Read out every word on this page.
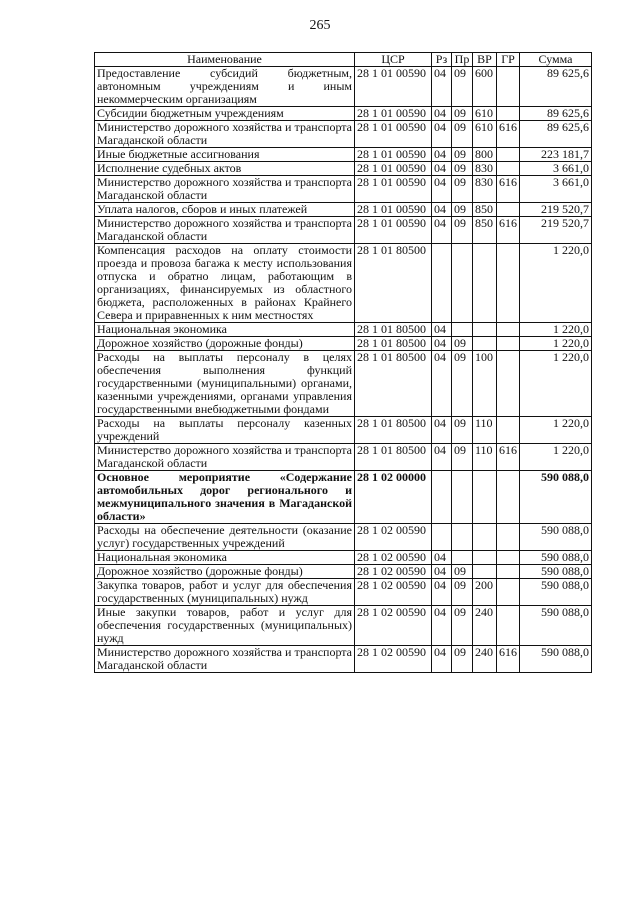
265
Наименование	ЦСР	Рз	Пр	ВР	ГР	Сумма
Предоставление субсидий бюджетным, автономным учреждениям и иным некоммерческим организациям	28 1 01 00590	04	09	600		89 625,6
Субсидии бюджетным учреждениям	28 1 01 00590	04	09	610		89 625,6
Министерство дорожного хозяйства и транспорта Магаданской области	28 1 01 00590	04	09	610	616	89 625,6
Иные бюджетные ассигнования	28 1 01 00590	04	09	800		223 181,7
Исполнение судебных актов	28 1 01 00590	04	09	830		3 661,0
Министерство дорожного хозяйства и транспорта Магаданской области	28 1 01 00590	04	09	830	616	3 661,0
Уплата налогов, сборов и иных платежей	28 1 01 00590	04	09	850		219 520,7
Министерство дорожного хозяйства и транспорта Магаданской области	28 1 01 00590	04	09	850	616	219 520,7
Компенсация расходов на оплату стоимости проезда и провоза багажа к месту использования отпуска и обратно лицам, работающим в организациях, финансируемых из областного бюджета, расположенных в районах Крайнего Севера и приравненных к ним местностях	28 1 01 80500					1 220,0
Национальная экономика	28 1 01 80500	04				1 220,0
Дорожное хозяйство (дорожные фонды)	28 1 01 80500	04	09			1 220,0
Расходы на выплаты персоналу в целях обеспечения выполнения функций государственными (муниципальными) органами, казенными учреждениями, органами управления государственными внебюджетными фондами	28 1 01 80500	04	09	100		1 220,0
Расходы на выплаты персоналу казенных учреждений	28 1 01 80500	04	09	110		1 220,0
Министерство дорожного хозяйства и транспорта Магаданской области	28 1 01 80500	04	09	110	616	1 220,0
Основное мероприятие «Содержание автомобильных дорог регионального и межмуниципального значения в Магаданской области»	28 1 02 00000					590 088,0
Расходы на обеспечение деятельности (оказание услуг) государственных учреждений	28 1 02 00590					590 088,0
Национальная экономика	28 1 02 00590	04				590 088,0
Дорожное хозяйство (дорожные фонды)	28 1 02 00590	04	09			590 088,0
Закупка товаров, работ и услуг для обеспечения государственных (муниципальных) нужд	28 1 02 00590	04	09	200		590 088,0
Иные закупки товаров, работ и услуг для обеспечения государственных (муниципальных) нужд	28 1 02 00590	04	09	240		590 088,0
Министерство дорожного хозяйства и транспорта Магаданской области	28 1 02 00590	04	09	240	616	590 088,0
